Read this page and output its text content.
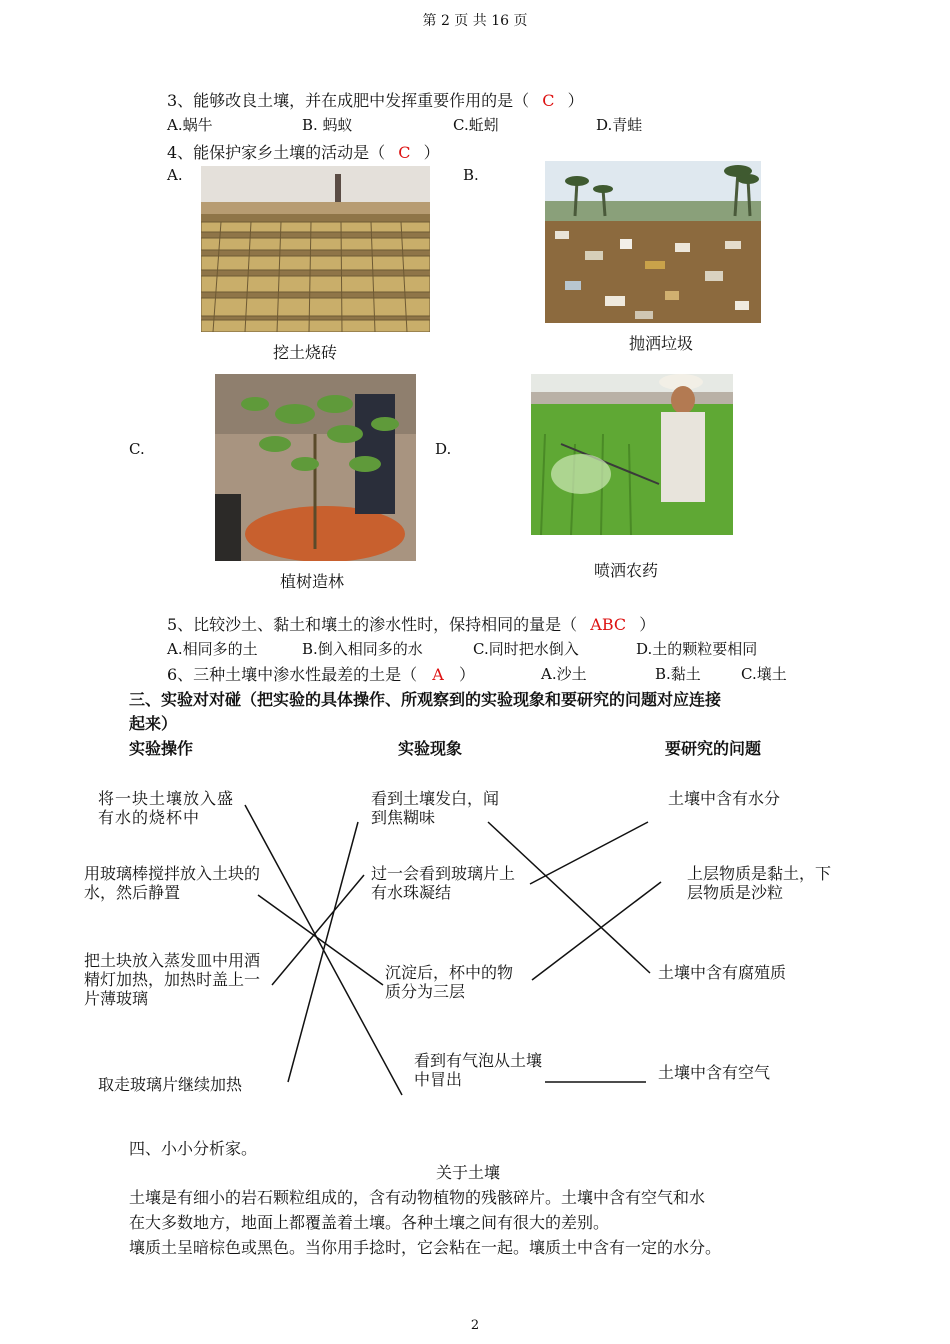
第 2 页 共 16 页
3、能够改良土壤，并在成肥中发挥重要作用的是（ C ）
A.蜗牛	B. 蚂蚁	C.蚯蚓	D.青蛙
4、能保护家乡土壤的活动是（ C ）
A.	B.
C.	D.
挖土烧砖	抛洒垃圾
植树造林
喷洒农药
5、比较沙土、黏土和壤土的渗水性时，保持相同的量是（ ABC ）
A.相同多的土	B.倒入相同多的水	C.同时把水倒入	D.土的颗粒要相同
6、三种土壤中渗水性最差的土是（ A ）	A.沙土	B.黏土	C.壤土
三、实验对对碰（把实验的具体操作、所观察到的实验现象和要研究的问题对应连接
起来）
实验操作	实验现象	要研究的问题
将一块土壤放入盛有水的烧杯中
用玻璃棒搅拌放入土块的水，然后静置
把土块放入蒸发皿中用酒精灯加热，加热时盖上一片薄玻璃
取走玻璃片继续加热
看到土壤发白，闻到焦糊味
过一会看到玻璃片上有水珠凝结
沉淀后，杯中的物质分为三层
看到有气泡从土壤中冒出
土壤中含有水分
上层物质是黏土，下层物质是沙粒
土壤中含有腐殖质
土壤中含有空气
四、小小分析家。
关于土壤
土壤是有细小的岩石颗粒组成的，含有动物植物的残骸碎片。土壤中含有空气和水
在大多数地方，地面上都覆盖着土壤。各种土壤之间有很大的差别。
壤质土呈暗棕色或黑色。当你用手捻时，它会粘在一起。壤质土中含有一定的水分。
2
